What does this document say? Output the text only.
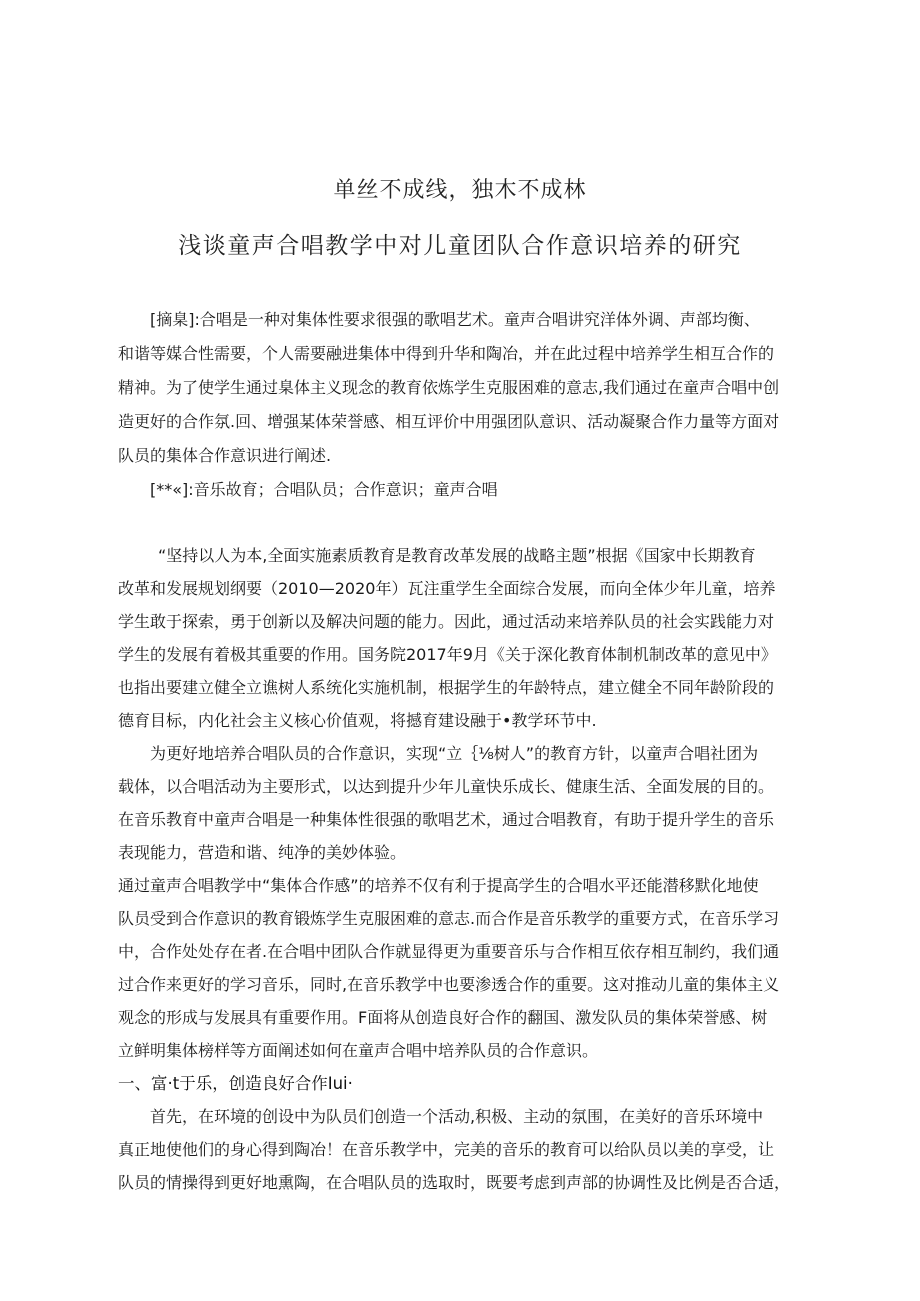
单丝不成线，独木不成林
浅谈童声合唱教学中对儿童团队合作意识培养的研究
[摘臬]:合唱是一种对集体性要求很强的歌唱艺术。童声合唱讲究洋体外调、声部均衡、
和谐等媒合性需要，个人需要融进集体中得到升华和陶冶，并在此过程中培养学生相互合作的
精神。为了使学生通过臬体主义现念的教育依炼学生克服困难的意志,我们通过在童声合唱中创
造更好的合作氛.回、增强某体荣誉感、相互评价中用强团队意识、活动凝聚合作力量等方面对
队员的集体合作意识进行阐述.
[**«]:音乐故育；合唱队员；合作意识；童声合唱
“坚持以人为本,全面实施素质教育是教育改革发展的战略主题”根据《国家中长期教育
改革和发展规划纲要（2010—2020年）瓦注重学生全面综合发展，而向全体少年儿童，培养
学生敢于探索，勇于创新以及解决问题的能力。因此，通过活动来培养队员的社会实践能力对
学生的发展有着极其重要的作用。国务院2017年9月《关于深化教育体制机制改革的意见中》
也指出要建立健全立谯树人系统化实施机制，根据学生的年龄特点，建立健全不同年龄阶段的
德育目标，内化社会主义核心价值观，将撼育建设融于•教学环节中.
为更好地培养合唱队员的合作意识，实现“立｛⅛树人”的教育方针，以童声合唱社团为
载体，以合唱活动为主要形式，以达到提升少年儿童快乐成长、健康生活、全面发展的目的。
在音乐教育中童声合唱是一种集体性很强的歌唱艺术，通过合唱教育，有助于提升学生的音乐
表现能力，营造和谐、纯净的美妙体验。
通过童声合唱教学中“集体合作感”的培养不仅有利于提高学生的合唱水平还能潜移默化地使
队员受到合作意识的教育锻炼学生克服困难的意志.而合作是音乐教学的重要方式，在音乐学习
中，合作处处存在者.在合唱中团队合作就显得更为重要音乐与合作相互依存相互制约，我们通
过合作来更好的学习音乐，同时,在音乐教学中也要渗透合作的重要。这对推动儿童的集体主义
观念的形成与发展具有重要作用。F面将从创造良好合作的翻国、激发队员的集体荣誉感、树
立鲜明集体榜样等方面阐述如何在童声合唱中培养队员的合作意识。
一、富·t于乐，创造良好合作Iui·
首先，在环境的创设中为队员们创造一个活动,积极、主动的氛围，在美好的音乐环境中
真正地使他们的身心得到陶冶！在音乐教学中，完美的音乐的教育可以给队员以美的享受，让
队员的情操得到更好地熏陶，在合唱队员的选取时，既要考虑到声部的协调性及比例是否合适，
